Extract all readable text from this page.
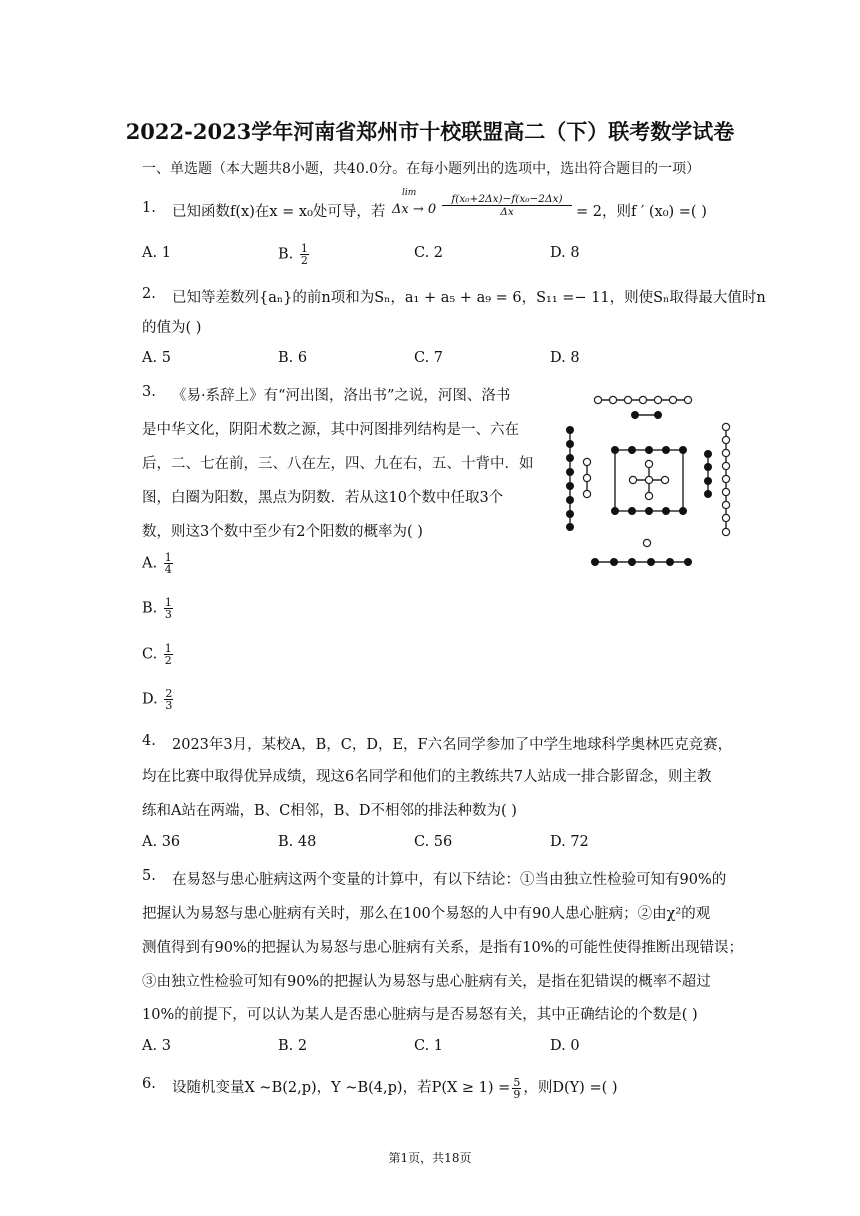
2022-2023学年河南省郑州市十校联盟高二（下）联考数学试卷
一、单选题（本大题共8小题，共40.0分。在每小题列出的选项中，选出符合题目的一项）
1. 已知函数f(x)在x = x₀处可导，若
lim
$\Delta x \to 0 \frac{\text{f(x₀+2Δx)−f(x₀−2Δx)}}{\Delta x} = 2$，则f ′ (x₀) =( )
A. 1	B. $\frac{1}{2}$	C. 2	D. 8
2. 已知等差数列{aₙ}的前n项和为Sₙ，a₁ + a₅ + a₉ = 6，S₁₁ =− 11，则使Sₙ取得最大值时n
的值为( )
A. 5	B. 6	C. 7	D. 8
3. 《易·系辞上》有“河出图，洛出书”之说，河图、洛书
是中华文化，阴阳术数之源，其中河图排列结构是一、六在
后，二、七在前，三、八在左，四、九在右，五、十背中．如
图，白圈为阳数，黑点为阴数．若从这10个数中任取3个
数，则这3个数中至少有2个阳数的概率为( )
A. $\frac{1}{4}$
B. $\frac{1}{3}$
C. $\frac{1}{2}$
D. $\frac{2}{3}$
4. 2023年3月，某校A，B，C，D，E，F六名同学参加了中学生地球科学奥林匹克竞赛，
均在比赛中取得优异成绩，现这6名同学和他们的主教练共7人站成一排合影留念，则主教
练和A站在两端，B、C相邻，B、D不相邻的排法种数为( )
A. 36	B. 48	C. 56	D. 72
5. 在易怒与患心脏病这两个变量的计算中，有以下结论：①当由独立性检验可知有90%的
把握认为易怒与患心脏病有关时，那么在100个易怒的人中有90人患心脏病；②由χ²的观
测值得到有90%的把握认为易怒与患心脏病有关系，是指有10%的可能性使得推断出现错误；
③由独立性检验可知有90%的把握认为易怒与患心脏病有关，是指在犯错误的概率不超过
10%的前提下，可以认为某人是否患心脏病与是否易怒有关，其中正确结论的个数是( )
A. 3	B. 2	C. 1	D. 0
6. 设随机变量X ~B(2,p)，Y ~B(4,p)，若$P(X \ge 1) = \frac{5}{9}$ ，则D(Y) =( )
第1页，共18页
